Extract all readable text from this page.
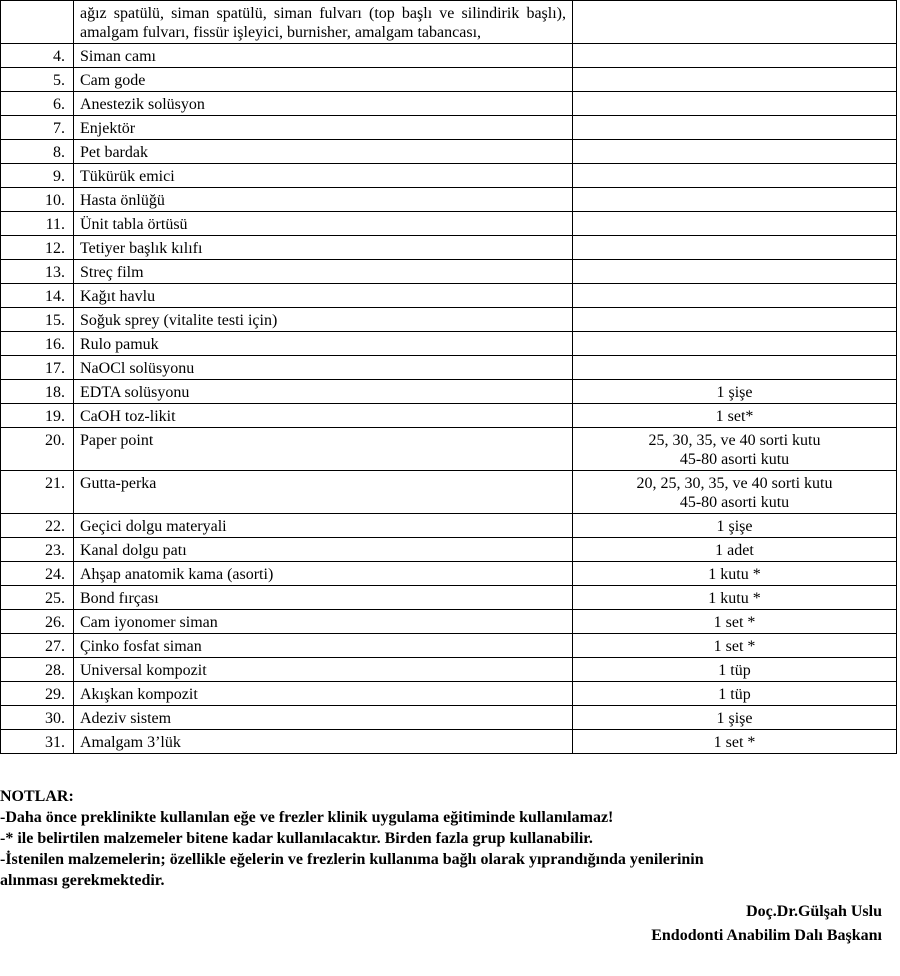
	ağız spatülü, siman spatülü, siman fulvarı (top başlı ve silindirik başlı), amalgam fulvarı, fissür işleyici, burnisher, amalgam tabancası,	
4.	Siman camı	
5.	Cam gode	
6.	Anestezik solüsyon	
7.	Enjektör	
8.	Pet bardak	
9.	Tükürük emici	
10.	Hasta önlüğü	
11.	Ünit tabla örtüsü	
12.	Tetiyer başlık kılıfı	
13.	Streç film	
14.	Kağıt havlu	
15.	Soğuk sprey (vitalite testi için)	
16.	Rulo pamuk	
17.	NaOCl solüsyonu	
18.	EDTA solüsyonu	1 şişe
19.	CaOH toz-likit	1 set*
20.	Paper point	25, 30, 35, ve 40 sorti kutu
45-80 asorti kutu

21.	Gutta-perka	20, 25, 30, 35, ve 40 sorti kutu
45-80 asorti kutu

22.	Geçici dolgu materyali	1 şişe
23.	Kanal dolgu patı	1 adet
24.	Ahşap anatomik kama (asorti)	1 kutu *
25.	Bond fırçası	1 kutu *
26.	Cam iyonomer siman	1 set *
27.	Çinko fosfat siman	1 set *
28.	Universal kompozit	1 tüp
29.	Akışkan kompozit	1 tüp
30.	Adeziv sistem	1 şişe
31.	Amalgam 3’lük	1 set *
NOTLAR:
-Daha önce preklinikte kullanılan eğe ve frezler klinik uygulama eğitiminde kullanılamaz!
-* ile belirtilen malzemeler bitene kadar kullanılacaktır. Birden fazla grup kullanabilir.
-İstenilen malzemelerin; özellikle eğelerin ve frezlerin kullanıma bağlı olarak yıprandığında yenilerinin
alınması gerekmektedir.
Doç.Dr.Gülşah Uslu
Endodonti Anabilim Dalı Başkanı
